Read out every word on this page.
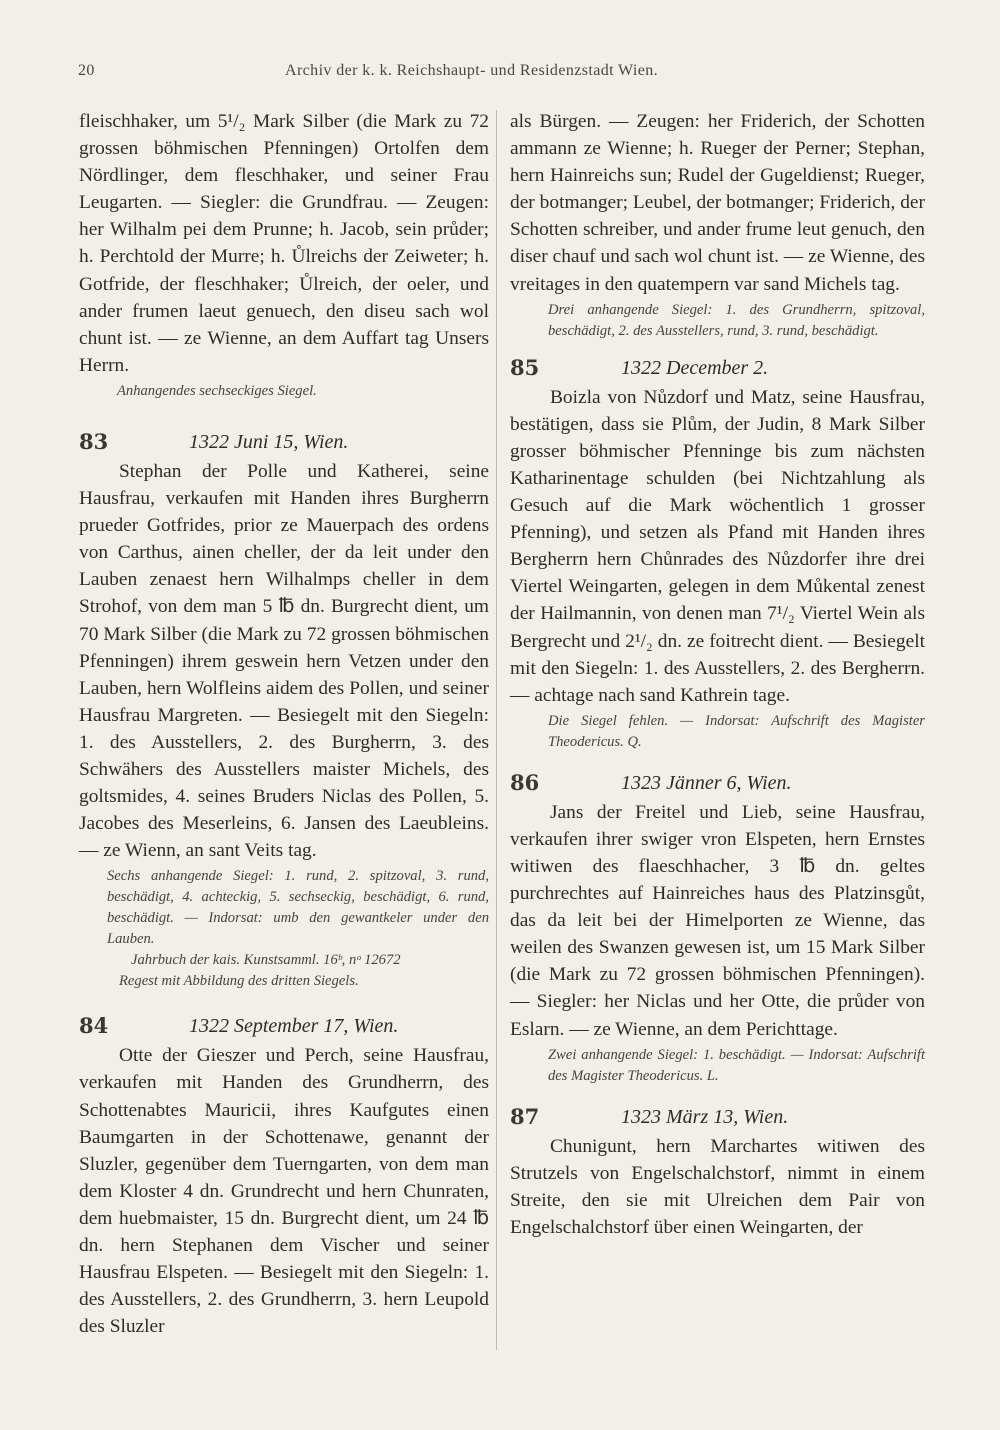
20	Archiv der k. k. Reichshaupt- und Residenzstadt Wien.

fleischhaker, um 5¹/₂ Mark Silber (die Mark zu 72 grossen böhmischen Pfenningen) Ortolfen dem Nördlinger, dem fleschhaker, und seiner Frau Leugarten. — Siegler: die Grundfrau. — Zeugen: her Wilhalm pei dem Prunne; h. Jacob, sein průder; h. Perchtold der Murre; h. Ůlreichs der Zeiweter; h. Gotfride, der fleschhaker; Ůlreich, der oeler, und ander frumen laeut genuech, den diseu sach wol chunt ist. — ze Wienne, an dem Auffart tag Unsers Herrn.

Anhangendes sechseckiges Siegel.

83	1322 Juni 15, Wien.

Stephan der Polle und Katherei, seine Hausfrau, verkaufen mit Handen ihres Burgherrn prueder Gotfrides, prior ze Mauerpach des ordens von Carthus, ainen cheller, der da leit under den Lauben zenaest hern Wilhalmps cheller in dem Strohof, von dem man 5 ℔ dn. Burgrecht dient, um 70 Mark Silber (die Mark zu 72 grossen böhmischen Pfenningen) ihrem geswein hern Vetzen under den Lauben, hern Wolfleins aidem des Pollen, und seiner Hausfrau Margreten. — Besiegelt mit den Siegeln: 1. des Ausstellers, 2. des Burgherrn, 3. des Schwähers des Ausstellers maister Michels, des goltsmides, 4. seines Bruders Niclas des Pollen, 5. Jacobes des Meserleins, 6. Jansen des Laeubleins. — ze Wienn, an sant Veits tag.

Sechs anhangende Siegel: 1. rund, 2. spitzoval, 3. rund, beschädigt, 4. achteckig, 5. sechseckig, beschädigt, 6. rund, beschädigt. — Indorsat: umb den gewantkeler under den Lauben.

Jahrbuch der kais. Kunstsamml. 16ᵇ, nᵒ 12672

Regest mit Abbildung des dritten Siegels.

84	1322 September 17, Wien.

Otte der Gieszer und Perch, seine Hausfrau, verkaufen mit Handen des Grundherrn, des Schottenabtes Mauricii, ihres Kaufgutes einen Baumgarten in der Schottenawe, genannt der Sluzler, gegenüber dem Tuerngarten, von dem man dem Kloster 4 dn. Grundrecht und hern Chunraten, dem huebmaister, 15 dn. Burgrecht dient, um 24 ℔ dn. hern Stephanen dem Vischer und seiner Hausfrau Elspeten. — Besiegelt mit den Siegeln: 1. des Ausstellers, 2. des Grundherrn, 3. hern Leupold des Sluzler

als Bürgen. — Zeugen: her Friderich, der Schotten ammann ze Wienne; h. Rueger der Perner; Stephan, hern Hainreichs sun; Rudel der Gugeldienst; Rueger, der botmanger; Leubel, der botmanger; Friderich, der Schotten schreiber, und ander frume leut genuch, den diser chauf und sach wol chunt ist. — ze Wienne, des vreitages in den quatempern var sand Michels tag.

Drei anhangende Siegel: 1. des Grundherrn, spitzoval, beschädigt, 2. des Ausstellers, rund, 3. rund, beschädigt.

85	1322 December 2.

Boizla von Nůzdorf und Matz, seine Hausfrau, bestätigen, dass sie Plům, der Judin, 8 Mark Silber grosser böhmischer Pfenninge bis zum nächsten Katharinentage schulden (bei Nichtzahlung als Gesuch auf die Mark wöchentlich 1 grosser Pfenning), und setzen als Pfand mit Handen ihres Bergherrn hern Chůnrades des Nůzdorfer ihre drei Viertel Weingarten, gelegen in dem Můkental zenest der Hailmannin, von denen man 7¹/₂ Viertel Wein als Bergrecht und 2¹/₂ dn. ze foitrecht dient. — Besiegelt mit den Siegeln: 1. des Ausstellers, 2. des Bergherrn. — achtage nach sand Kathrein tage.

Die Siegel fehlen. — Indorsat: Aufschrift des Magister Theodericus. Q.

86	1323 Jänner 6, Wien.

Jans der Freitel und Lieb, seine Hausfrau, verkaufen ihrer swiger vron Elspeten, hern Ernstes witiwen des flaeschhacher, 3 ℔ dn. geltes purchrechtes auf Hainreiches haus des Platzinsgůt, das da leit bei der Himelporten ze Wienne, das weilen des Swanzen gewesen ist, um 15 Mark Silber (die Mark zu 72 grossen böhmischen Pfenningen). — Siegler: her Niclas und her Otte, die průder von Eslarn. — ze Wienne, an dem Perichttage.

Zwei anhangende Siegel: 1. beschädigt. — Indorsat: Aufschrift des Magister Theodericus. L.

87	1323 März 13, Wien.

Chunigunt, hern Marchartes witiwen des Strutzels von Engelschalchstorf, nimmt in einem Streite, den sie mit Ulreichen dem Pair von Engelschalchstorf über einen Weingarten, der
